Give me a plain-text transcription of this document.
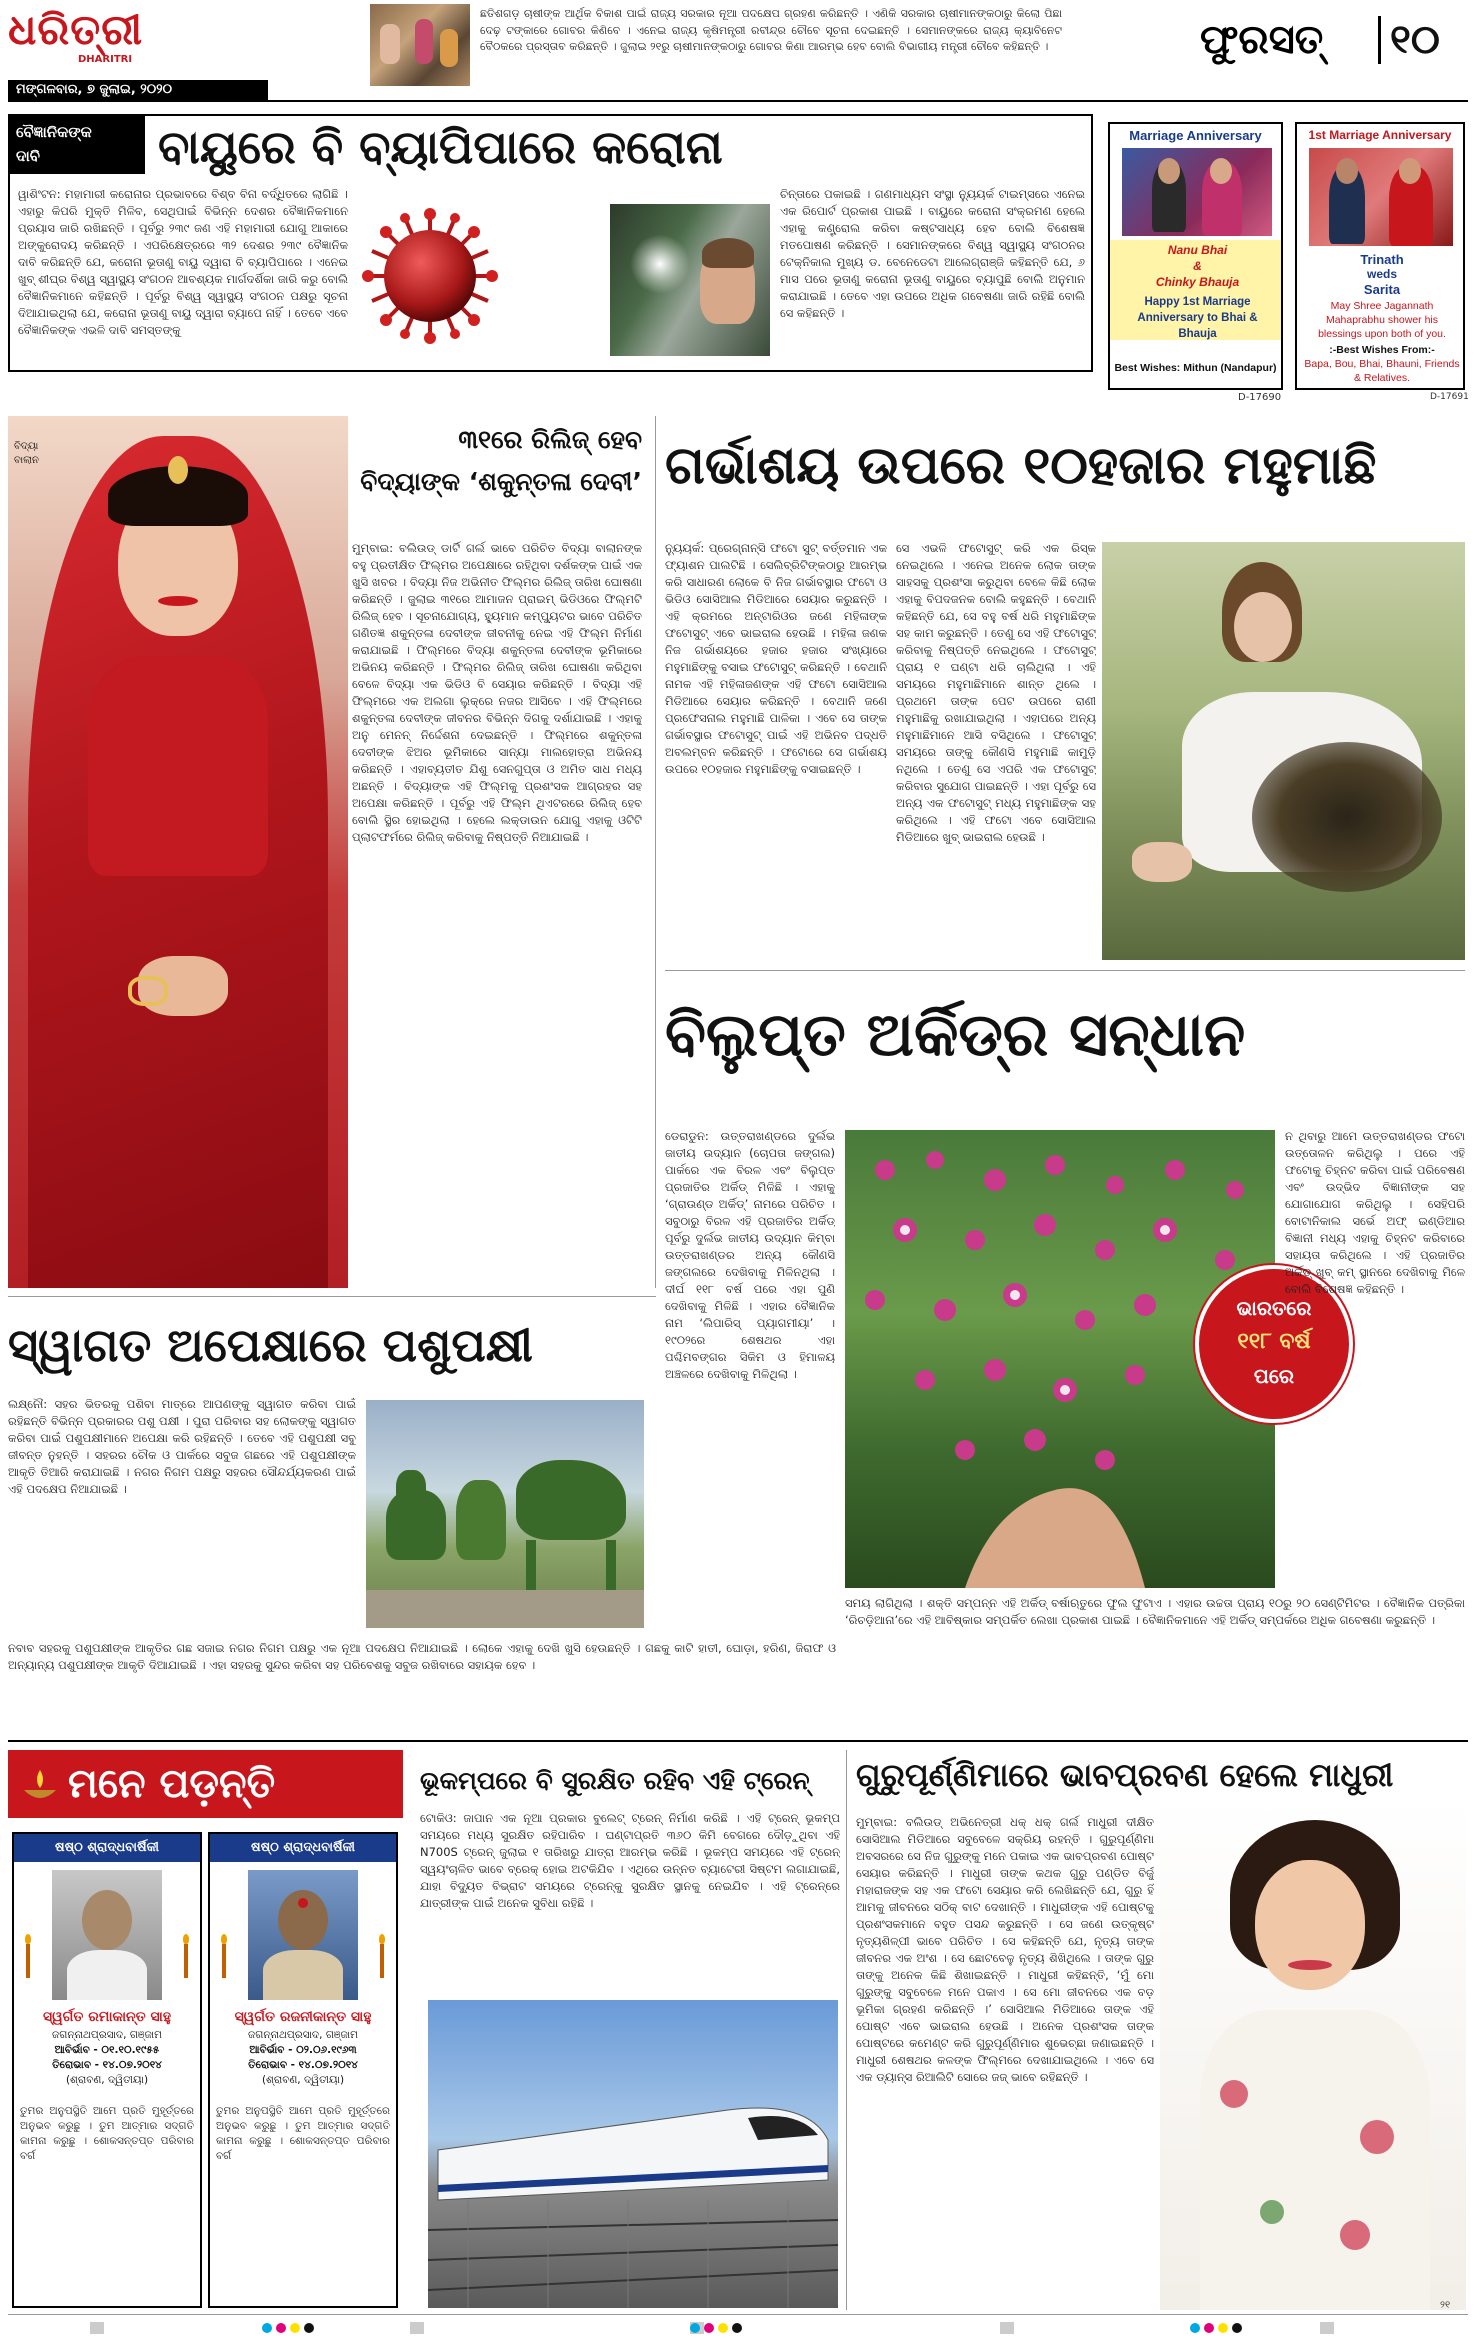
ଧରିତ୍ରୀ
DHARITRI
ମଙ୍ଗଳବାର, ୭ ଜୁଲାଇ, ୨୦୨୦
ଛତିଶଗଡ଼ ଚାଷୀଙ୍କ ଆର୍ଥିକ ବିକାଶ ପାଇଁ ରାଜ୍ୟ ସରକାର ନୂଆ ପଦକ୍ଷେପ ଗ୍ରହଣ କରିଛନ୍ତି । ଏଣିକି ସରକାର ଚାଷୀମାନଙ୍କଠାରୁ କିଲୋ ପିଛା ଦେଢ଼ ଟଙ୍କାରେ ଗୋବର କିଣିବେ । ଏନେଇ ରାଜ୍ୟ କୃଷିମନ୍ତ୍ରୀ ରବୀନ୍ଦ୍ର ଚୌବେ ସୂଚନା ଦେଇଛନ୍ତି । ସେମାନଙ୍କରେ ରାଜ୍ୟ କ୍ୟାବିନେଟ ବୈଠକରେ ପ୍ରସ୍ତାବ କରିଛନ୍ତି । ଜୁଲାଇ ୨୧ରୁ ଚାଷୀମାନଙ୍କଠାରୁ ଗୋବର କିଣା ଆରମ୍ଭ ହେବ ବୋଲି ବିଭାଗୀୟ ମନ୍ତ୍ରୀ ଚୌବେ କହିଛନ୍ତି ।	ଫୁରସତ୍	୧୦
ବୈଜ୍ଞାନିକଙ୍କ
ଦାବି	ବାୟୁରେ ବି ବ୍ୟାପିପାରେ କରୋନା
ୱାଶିଂଟନ: ମହାମାରୀ କରୋନାର ପ୍ରଭାବରେ ବିଶ୍ବ ବିନା ବର୍ଦ୍ଧିତରେ ଲାଗିଛି । ଏହାରୁ କିପରି ମୁକ୍ତି ମିଳିବ, ସେଥିପାଇଁ ବିଭିନ୍ନ ଦେଶର ବୈଜ୍ଞାନିକମାନେ ପ୍ରୟାସ ଜାରି ରଖିଛନ୍ତି । ପୂର୍ବରୁ ୨୩୯ ଜଣ ଏହି ମହାମାରୀ ଯୋଗୁ ଆକାରେ ଅଙ୍କୁରୋଦୟ କରିଛନ୍ତି । ଏପରିକ୍ଷେତ୍ରରେ ୩୨ ଦେଶର ୨୩୯ ବୈଜ୍ଞାନିକ ଦାବି କରିଛନ୍ତି ଯେ, କରୋନା ଭୂତାଣୁ ବାୟୁ ଦ୍ୱାରା ବି ବ୍ୟାପିପାରେ । ଏନେଇ ଖୁବ୍ ଶୀଘ୍ର ବିଶ୍ୱ ସ୍ୱାସ୍ଥ୍ୟ ସଂଗଠନ ଆବଶ୍ୟକ ମାର୍ଗଦର୍ଶିକା ଜାରି କରୁ ବୋଲି ବୈଜ୍ଞାନିକମାନେ କହିଛନ୍ତି । ପୂର୍ବରୁ ବିଶ୍ୱ ସ୍ୱାସ୍ଥ୍ୟ ସଂଗଠନ ପକ୍ଷରୁ ସୂଚନା ଦିଆଯାଇଥିଲା ଯେ, କରୋନା ଭୂତାଣୁ ବାୟୁ ଦ୍ୱାରା ବ୍ୟାପେ ନାହିଁ । ତେବେ ଏବେ ବୈଜ୍ଞାନିକଙ୍କ ଏଭଳି ଦାବି ସମସ୍ତଙ୍କୁ
ଚିନ୍ତାରେ ପକାଇଛି । ଗଣମାଧ୍ୟମ ସଂସ୍ଥା ନ୍ୟୁୟର୍କ ଟାଇମ୍ସରେ ଏନେଇ ଏକ ରିପୋର୍ଟ ପ୍ରକାଶ ପାଇଛି । ବାୟୁରେ କରୋନା ସଂକ୍ରମଣ ହେଲେ ଏହାକୁ କଣ୍ଟ୍ରୋଲ କରିବା କଷ୍ଟସାଧ୍ୟ ହେବ ବୋଲି ବିଶେଷଜ୍ଞ ମତପୋଷଣ କରିଛନ୍ତି । ସେମାନଙ୍କରେ ବିଶ୍ୱ ସ୍ୱାସ୍ଥ୍ୟ ସଂଗଠନର ଟେକ୍ନିକାଲ ମୁଖ୍ୟ ଡ. ବେନେଡେଟା ଆଲେଗ୍ରାଞ୍ଜି କହିଛନ୍ତି ଯେ, ୬ ମାସ ପରେ ଭୂତାଣୁ କରୋନା ଭୂତାଣୁ ବାୟୁରେ ବ୍ୟାପୁଛି ବୋଲି ଅନୁମାନ କରାଯାଇଛି । ତେବେ ଏହା ଉପରେ ଅଧିକ ଗବେଷଣା ଜାରି ରହିଛି ବୋଲି ସେ କହିଛନ୍ତି ।
Marriage Anniversary
Nanu Bhai
&
Chinky Bhauja
Happy 1st Marriage Anniversary to Bhai & Bhauja
Best Wishes: Mithun (Nandapur)
D-17690
1st Marriage Anniversary
Trinath
weds
Sarita
May Shree Jagannath Mahaprabhu shower his blessings upon both of you.
:-Best Wishes From:-
Bapa, Bou, Bhai, Bhauni, Friends & Relatives.
D-17691
ବିଦ୍ୟା
ବାଲାନ
୩୧ରେ ରିଲିଜ୍ ହେବ
ବିଦ୍ୟାଙ୍କ ‘ଶକୁନ୍ତଳା ଦେବୀ’
ମୁମ୍ବାଇ: ବଲିଉଡ୍ ଡାର୍ଟି ଗର୍ଲ ଭାବେ ପରିଚିତ ବିଦ୍ୟା ବାଲାନଙ୍କ ବହୁ ପ୍ରତୀକ୍ଷିତ ଫିଲ୍ମର ଅପେକ୍ଷାରେ ରହିଥିବା ଦର୍ଶକଙ୍କ ପାଇଁ ଏକ ଖୁସି ଖବର । ବିଦ୍ୟା ନିଜ ଅଭିନୀତ ଫିଲ୍ମର ରିଲିଜ୍ ତାରିଖ ଘୋଷଣା କରିଛନ୍ତି । ଜୁଲାଇ ୩୧ରେ ଆମାଜନ ପ୍ରାଇମ୍ ଭିଡିଓରେ ଫିଲ୍ମଟି ରିଲିଜ୍ ହେବ । ସୂଚନାଯୋଗ୍ୟ, ହ୍ୟୁମାନ କମ୍ପ୍ୟୁଟର ଭାବେ ପରିଚିତ ଗଣିତଜ୍ଞ ଶକୁନ୍ତଳା ଦେବୀଙ୍କ ଜୀବନୀକୁ ନେଇ ଏହି ଫିଲ୍ମ ନିର୍ମାଣ କରାଯାଇଛି । ଫିଲ୍ମରେ ବିଦ୍ୟା ଶକୁନ୍ତଳା ଦେବୀଙ୍କ ଭୂମିକାରେ ଅଭିନୟ କରିଛନ୍ତି । ଫିଲ୍ମର ରିଲିଜ୍ ତାରିଖ ଘୋଷଣା କରିଥିବା ବେଳେ ବିଦ୍ୟା ଏକ ଭିଡିଓ ବି ସେୟାର କରିଛନ୍ତି । ବିଦ୍ୟା ଏହି ଫିଲ୍ମରେ ଏକ ଅଲଗା ଲୁକ୍‌ରେ ନଜର ଆସିବେ । ଏହି ଫିଲ୍ମରେ ଶକୁନ୍ତଳା ଦେବୀଙ୍କ ଜୀବନର ବିଭିନ୍ନ ଦିଗକୁ ଦର୍ଶାଯାଇଛି । ଏହାକୁ ଅନୁ ମେନନ୍ ନିର୍ଦ୍ଦେଶନା ଦେଇଛନ୍ତି । ଫିଲ୍ମରେ ଶକୁନ୍ତଳା ଦେବୀଙ୍କ ଝିଅର ଭୂମିକାରେ ସାନ୍ୟା ମାଲହୋତ୍ରା ଅଭିନୟ କରିଛନ୍ତି । ଏହାବ୍ୟତୀତ ଯିଶୁ ସେନଗୁପ୍ତା ଓ ଅମିତ ସାଧ ମଧ୍ୟ ଅଛନ୍ତି । ବିଦ୍ୟାଙ୍କ ଏହି ଫିଲ୍ମକୁ ପ୍ରଶଂସକ ଆଗ୍ରହର ସହ ଅପେକ୍ଷା କରିଛନ୍ତି । ପୂର୍ବରୁ ଏହି ଫିଲ୍ମ ଥିଏଟରରେ ରିଲିଜ୍ ହେବ ବୋଲି ସ୍ଥିର ହୋଇଥିଲା । ହେଲେ ଲକ୍‌ଡାଉନ ଯୋଗୁ ଏହାକୁ ଓଟିଟି ପ୍ଲାଟଫର୍ମରେ ରିଲିଜ୍ କରିବାକୁ ନିଷ୍ପତ୍ତି ନିଆଯାଇଛି ।
ଗର୍ଭାଶୟ ଉପରେ ୧୦ହଜାର ମହୁମାଛି
ନ୍ୟୁୟର୍କ: ପ୍ରେଗ୍ନାନ୍ସି ଫଟୋ ସୁଟ୍ ବର୍ତ୍ତମାନ ଏକ ଫ୍ୟାଶନ ପାଲଟିଛି । ସେଲିବ୍ରିଟିଙ୍କଠାରୁ ଆରମ୍ଭ କରି ସାଧାରଣ ଲୋକେ ବି ନିଜ ଗର୍ଭାବସ୍ଥାର ଫଟୋ ଓ ଭିଡିଓ ସୋସିଆଲ ମିଡିଆରେ ସେୟାର କରୁଛନ୍ତି । ଏହି କ୍ରମରେ ଅନ୍ଟାରିଓର ଜଣେ ମହିଳାଙ୍କ ଫଟୋସୁଟ୍ ଏବେ ଭାଇରାଲ ହେଉଛି । ମହିଳା ଜଣକ ନିଜ ଗର୍ଭାଶୟରେ ହଜାର ହଜାର ସଂଖ୍ୟାରେ ମହୁମାଛିଙ୍କୁ ବସାଇ ଫଟୋସୁଟ୍ କରିଛନ୍ତି । ବେଥାନି ନାମକ ଏହି ମହିଳାଜଣଙ୍କ ଏହି ଫଟୋ ସୋସିଆଲ ମିଡିଆରେ ସେୟାର କରିଛନ୍ତି । ବେଥାନି ଜଣେ ପ୍ରଫେସନାଲ ମହୁମାଛି ପାଳିକା । ଏବେ ସେ ତାଙ୍କ ଗର୍ଭାବସ୍ଥାର ଫଟୋସୁଟ୍ ପାଇଁ ଏହି ଅଭିନବ ପଦ୍ଧତି ଅବଲମ୍ବନ କରିଛନ୍ତି । ଫଟୋରେ ସେ ଗର୍ଭାଶୟ ଉପରେ ୧୦ହଜାର ମହୁମାଛିଙ୍କୁ ବସାଇଛନ୍ତି ।
ସେ ଏଭଳି ଫଟୋସୁଟ୍ କରି ଏକ ରିସ୍କ ନେଇଥିଲେ । ଏନେଇ ଅନେକ ଲୋକ ତାଙ୍କ ସାହସକୁ ପ୍ରଶଂସା କରୁଥିବା ବେଳେ କିଛି ଲୋକ ଏହାକୁ ବିପଦଜନକ ବୋଲି କହୁଛନ୍ତି । ବେଥାନି କହିଛନ୍ତି ଯେ, ସେ ବହୁ ବର୍ଷ ଧରି ମହୁମାଛିଙ୍କ ସହ କାମ କରୁଛନ୍ତି । ତେଣୁ ସେ ଏହି ଫଟୋସୁଟ୍ କରିବାକୁ ନିଷ୍ପତ୍ତି ନେଇଥିଲେ । ଫଟୋସୁଟ୍ ପ୍ରାୟ ୧ ଘଣ୍ଟା ଧରି ଚାଲିଥିଲା । ଏହି ସମୟରେ ମହୁମାଛିମାନେ ଶାନ୍ତ ଥିଲେ । ପ୍ରଥମେ ତାଙ୍କ ପେଟ ଉପରେ ରାଣୀ ମହୁମାଛିକୁ ରଖାଯାଇଥିଲା । ଏହାପରେ ଅନ୍ୟ ମହୁମାଛିମାନେ ଆସି ବସିଥିଲେ । ଫଟୋସୁଟ୍ ସମୟରେ ତାଙ୍କୁ କୌଣସି ମହୁମାଛି କାମୁଡ଼ି ନଥିଲେ । ତେଣୁ ସେ ଏପରି ଏକ ଫଟୋସୁଟ୍ କରିବାର ସୁଯୋଗ ପାଇଛନ୍ତି । ଏହା ପୂର୍ବରୁ ସେ ଅନ୍ୟ ଏକ ଫଟୋସୁଟ୍ ମଧ୍ୟ ମହୁମାଛିଙ୍କ ସହ କରିଥିଲେ । ଏହି ଫଟୋ ଏବେ ସୋସିଆଲ ମିଡିଆରେ ଖୁବ୍ ଭାଇରାଲ ହେଉଛି ।
ବିଲୁପ୍ତ ଅର୍କିଡ୍‌ର ସନ୍ଧାନ
ଡେରାଡୁନ: ଉତ୍ତରାଖଣ୍ଡରେ ଦୁର୍ଲଭ ଜାତୀୟ ଉଦ୍ୟାନ (ଚୋପତା ଜଙ୍ଗଲ) ପାର୍କରେ ଏକ ବିରଳ ଏବଂ ବିଲୁପ୍ତ ପ୍ରଜାତିର ଅର୍କିଡ୍ ମିଳିଛି । ଏହାକୁ ‘ଗ୍ରାଉଣ୍ଡ ଅର୍କିଡ୍’ ନାମରେ ପରିଚିତ । ସବୁଠାରୁ ବିରଳ ଏହି ପ୍ରଜାତିର ଅର୍କିଡ୍ ପୂର୍ବରୁ ଦୁର୍ଲଭ ଜାତୀୟ ଉଦ୍ୟାନ କିମ୍ବା ଉତ୍ତରାଖଣ୍ଡର ଅନ୍ୟ କୌଣସି ଜଙ୍ଗଲରେ ଦେଖିବାକୁ ମିଳିନଥିଲା । ଦୀର୍ଘ ୧୧୮ ବର୍ଷ ପରେ ଏହା ପୁଣି ଦେଖିବାକୁ ମିଳିଛି । ଏହାର ବୈଜ୍ଞାନିକ ନାମ ‘ଲିପାରିସ୍ ପ୍ୟାଗମୀୟା’ । ୧୯୦୨ରେ ଶେଷଥର ଏହା ପଶ୍ଚିମବଙ୍ଗର ସିକିମ ଓ ହିମାଳୟ ଅଞ୍ଚଳରେ ଦେଖିବାକୁ ମିଳିଥିଲା ।
ଭାରତରେ
୧୧୮ ବର୍ଷ
ପରେ
ନ ଥିବାରୁ ଆମେ ଉତ୍ତରାଖଣ୍ଡର ଫଟୋ ଉତ୍ତୋଳନ କରିଥିଲୁ । ପରେ ଏହି ଫଟୋକୁ ଚିହ୍ନଟ କରିବା ପାଇଁ ପରିବେଷଣ ଏବଂ ଉଦ୍ଭିଦ ବିଜ୍ଞାନୀଙ୍କ ସହ ଯୋଗାଯୋଗ କରିଥିଲୁ । ସେହିପରି ବୋଟାନିକାଲ ସର୍ଭେ ଅଫ୍ ଇଣ୍ଡିଆର ବିଜ୍ଞାନୀ ମଧ୍ୟ ଏହାକୁ ଚିହ୍ନଟ କରିବାରେ ସହାୟତା କରିଥିଲେ । ଏହି ପ୍ରଜାତିର ଅର୍କିଡ୍ ଖୁବ୍ କମ୍ ସ୍ଥାନରେ ଦେଖିବାକୁ ମିଳେ ବୋଲି ବିଶେଷଜ୍ଞ କହିଛନ୍ତି ।
ସମୟ ଲାଗିଥିଲା । ଶକ୍ତି ସମ୍ପନ୍ନ ଏହି ଅର୍କିଡ୍ ବର୍ଷାଋତୁରେ ଫୁଲ ଫୁଟାଏ । ଏହାର ଉଚ୍ଚତା ପ୍ରାୟ ୧୦ରୁ ୨୦ ସେଣ୍ଟିମିଟର । ବୈଜ୍ଞାନିକ ପତ୍ରିକା ‘ରିଚଡ଼ିଆନା’ରେ ଏହି ଆବିଷ୍କାର ସମ୍ପର୍କିତ ଲେଖା ପ୍ରକାଶ ପାଇଛି । ବୈଜ୍ଞାନିକମାନେ ଏହି ଅର୍କିଡ୍ ସମ୍ପର୍କରେ ଅଧିକ ଗବେଷଣା କରୁଛନ୍ତି ।
ସ୍ୱାଗତ ଅପେକ୍ଷାରେ ପଶୁପକ୍ଷୀ
ଲକ୍ଷ୍ନୌ: ସହର ଭିତରକୁ ପଶିବା ମାତ୍ରେ ଆପଣଙ୍କୁ ସ୍ୱାଗତ କରିବା ପାଇଁ ରହିଛନ୍ତି ବିଭିନ୍ନ ପ୍ରକାରର ପଶୁ ପକ୍ଷୀ । ପୁରା ପରିବାର ସହ ଲୋକଙ୍କୁ ସ୍ୱାଗତ କରିବା ପାଇଁ ପଶୁପକ୍ଷୀମାନେ ଅପେକ୍ଷା କରି ରହିଛନ୍ତି । ତେବେ ଏହି ପଶୁପକ୍ଷୀ ସବୁ ଜୀବନ୍ତ ନୁହନ୍ତି । ସହରର ଚୌକ ଓ ପାର୍କରେ ସବୁଜ ଗଛରେ ଏହି ପଶୁପକ୍ଷୀଙ୍କ ଆକୃତି ତିଆରି କରାଯାଇଛି । ନଗର ନିଗମ ପକ୍ଷରୁ ସହରର ସୌନ୍ଦର୍ଯ୍ୟକରଣ ପାଇଁ ଏହି ପଦକ୍ଷେପ ନିଆଯାଇଛି ।
ନବାବ ସହରକୁ ପଶୁପକ୍ଷୀଙ୍କ ଆକୃତିର ଗଛ ସଜାଇ ନଗର ନିଗମ ପକ୍ଷରୁ ଏକ ନୂଆ ପଦକ୍ଷେପ ନିଆଯାଇଛି । ଲୋକେ ଏହାକୁ ଦେଖି ଖୁସି ହେଉଛନ୍ତି । ଗଛକୁ କାଟି ହାତୀ, ଘୋଡ଼ା, ହରିଣ, ଜିରାଫ ଓ ଅନ୍ୟାନ୍ୟ ପଶୁପକ୍ଷୀଙ୍କ ଆକୃତି ଦିଆଯାଇଛି । ଏହା ସହରକୁ ସୁନ୍ଦର କରିବା ସହ ପରିବେଶକୁ ସବୁଜ ରଖିବାରେ ସହାୟକ ହେବ ।
ମନେ ପଡ଼ନ୍ତି
ଷଷ୍ଠ ଶ୍ରାଦ୍ଧବାର୍ଷିକୀ
ସ୍ୱର୍ଗତ ରମାକାନ୍ତ ସାହୁ
ଜଗନ୍ନାଥପ୍ରସାଦ, ଗଞ୍ଜାମ
ଆବିର୍ଭାବ - ୦୧.୧୦.୧୯୫୫
ତିରୋଭାବ - ୧୪.୦୭.୨୦୧୪
(ଶ୍ରାବଣ, ଦ୍ୱିତୀୟା)
ତୁମର ଅନୁପସ୍ଥିତି ଆମେ ପ୍ରତି ମୁହୂର୍ତ୍ତରେ ଅନୁଭବ କରୁଛୁ । ତୁମ ଆତ୍ମାର ସଦ୍‌ଗତି କାମନା କରୁଛୁ । ଶୋକସନ୍ତପ୍ତ ପରିବାର ବର୍ଗ
ଷଷ୍ଠ ଶ୍ରାଦ୍ଧବାର୍ଷିକୀ
ସ୍ୱର୍ଗତ ରଜନୀକାନ୍ତ ସାହୁ
ଜଗନ୍ନାଥପ୍ରସାଦ, ଗଞ୍ଜାମ
ଆବିର୍ଭାବ - ୦୨.୦୬.୧୯୬୩
ତିରୋଭାବ - ୧୪.୦୭.୨୦୧୪
(ଶ୍ରାବଣ, ଦ୍ୱିତୀୟା)
ତୁମର ଅନୁପସ୍ଥିତି ଆମେ ପ୍ରତି ମୁହୂର୍ତ୍ତରେ ଅନୁଭବ କରୁଛୁ । ତୁମ ଆତ୍ମାର ସଦ୍‌ଗତି କାମନା କରୁଛୁ । ଶୋକସନ୍ତପ୍ତ ପରିବାର ବର୍ଗ
ଭୂକମ୍ପରେ ବି ସୁରକ୍ଷିତ ରହିବ ଏହି ଟ୍ରେନ୍
ଟୋକିଓ: ଜାପାନ ଏକ ନୂଆ ପ୍ରକାର ବୁଲେଟ୍ ଟ୍ରେନ୍ ନିର୍ମାଣ କରିଛି । ଏହି ଟ୍ରେନ୍ ଭୂକମ୍ପ ସମୟରେ ମଧ୍ୟ ସୁରକ୍ଷିତ ରହିପାରିବ । ଘଣ୍ଟାପ୍ରତି ୩୬୦ କିମି ବେଗରେ ଦୌଡ଼ୁଥିବା ଏହି N700S ଟ୍ରେନ୍ ଜୁଲାଇ ୧ ତାରିଖରୁ ଯାତ୍ରା ଆରମ୍ଭ କରିଛି । ଭୂକମ୍ପ ସମୟରେ ଏହି ଟ୍ରେନ୍ ସ୍ୱୟଂଚାଳିତ ଭାବେ ବ୍ରେକ୍ ହୋଇ ଅଟକିଯିବ । ଏଥିରେ ଉନ୍ନତ ବ୍ୟାଟେରୀ ସିଷ୍ଟମ ଲଗାଯାଇଛି, ଯାହା ବିଦ୍ୟୁତ ବିଭ୍ରାଟ ସମୟରେ ଟ୍ରେନ୍‌କୁ ସୁରକ୍ଷିତ ସ୍ଥାନକୁ ନେଇଯିବ । ଏହି ଟ୍ରେନ୍‌ରେ ଯାତ୍ରୀଙ୍କ ପାଇଁ ଅନେକ ସୁବିଧା ରହିଛି ।
ଗୁରୁପୂର୍ଣ୍ଣିମାରେ ଭାବପ୍ରବଣ ହେଲେ ମାଧୁରୀ
ମୁମ୍ବାଇ: ବଲିଉଡ୍ ଅଭିନେତ୍ରୀ ଧକ୍ ଧକ୍ ଗର୍ଲ ମାଧୁରୀ ଦୀକ୍ଷିତ ସୋସିଆଲ ମିଡିଆରେ ସବୁବେଳେ ସକ୍ରିୟ ରହନ୍ତି । ଗୁରୁପୂର୍ଣ୍ଣିମା ଅବସରରେ ସେ ନିଜ ଗୁରୁଙ୍କୁ ମନେ ପକାଇ ଏକ ଭାବପ୍ରବଣ ପୋଷ୍ଟ ସେୟାର କରିଛନ୍ତି । ମାଧୁରୀ ତାଙ୍କ କଥକ ଗୁରୁ ପଣ୍ଡିତ ବିର୍ଜୁ ମହାରାଜଙ୍କ ସହ ଏକ ଫଟୋ ସେୟାର କରି ଲେଖିଛନ୍ତି ଯେ, ଗୁରୁ ହିଁ ଆମକୁ ଜୀବନରେ ସଠିକ୍ ବାଟ ଦେଖାନ୍ତି । ମାଧୁରୀଙ୍କ ଏହି ପୋଷ୍ଟକୁ ପ୍ରଶଂସକମାନେ ବହୁତ ପସନ୍ଦ କରୁଛନ୍ତି । ସେ ଜଣେ ଉତ୍କୃଷ୍ଟ ନୃତ୍ୟଶିଳ୍ପୀ ଭାବେ ପରିଚିତ । ସେ କହିଛନ୍ତି ଯେ, ନୃତ୍ୟ ତାଙ୍କ ଜୀବନର ଏକ ଅଂଶ । ସେ ଛୋଟବେଳୁ ନୃତ୍ୟ ଶିଖିଥିଲେ । ତାଙ୍କ ଗୁରୁ ତାଙ୍କୁ ଅନେକ କିଛି ଶିଖାଇଛନ୍ତି । ମାଧୁରୀ କହିଛନ୍ତି, ‘ମୁଁ ମୋ ଗୁରୁଙ୍କୁ ସବୁବେଳେ ମନେ ପକାଏ । ସେ ମୋ ଜୀବନରେ ଏକ ବଡ଼ ଭୂମିକା ଗ୍ରହଣ କରିଛନ୍ତି ।’ ସୋସିଆଲ ମିଡିଆରେ ତାଙ୍କ ଏହି ପୋଷ୍ଟ ଏବେ ଭାଇରାଲ ହେଉଛି । ଅନେକ ପ୍ରଶଂସକ ତାଙ୍କ ପୋଷ୍ଟରେ କମେଣ୍ଟ କରି ଗୁରୁପୂର୍ଣ୍ଣିମାର ଶୁଭେଚ୍ଛା ଜଣାଇଛନ୍ତି । ମାଧୁରୀ ଶେଷଥର କଳଙ୍କ ଫିଲ୍ମରେ ଦେଖାଯାଇଥିଲେ । ଏବେ ସେ ଏକ ଡ୍ୟାନ୍ସ ରିଆଲିଟି ସୋରେ ଜଜ୍ ଭାବେ ରହିଛନ୍ତି ।
୨୧
